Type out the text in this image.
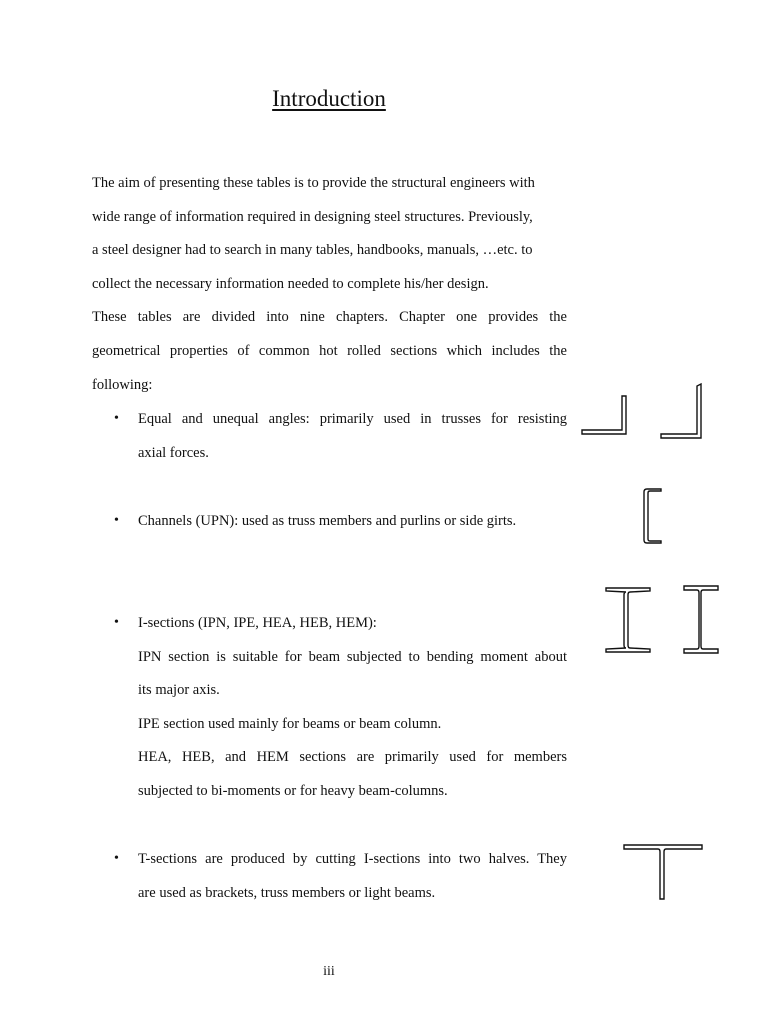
Introduction
The aim of presenting these tables is to provide the structural engineers with
wide range of information required in designing steel structures. Previously,
a steel designer had to search in many tables, handbooks, manuals, …etc. to
collect the necessary information needed to complete his/her design.
These tables are divided into nine chapters. Chapter one provides the
geometrical properties of common hot rolled sections which includes the
following:
• Equal and unequal angles: primarily used in trusses for resisting
axial forces.
• Channels (UPN): used as truss members and purlins or side girts.
• I-sections (IPN, IPE, HEA, HEB, HEM):
IPN section is suitable for beam subjected to bending moment about
its major axis.
IPE section used mainly for beams or beam column.
HEA, HEB, and HEM sections are primarily used for members
subjected to bi-moments or for heavy beam-columns.
• T-sections are produced by cutting I-sections into two halves. They
are used as brackets, truss members or light beams.
iii
